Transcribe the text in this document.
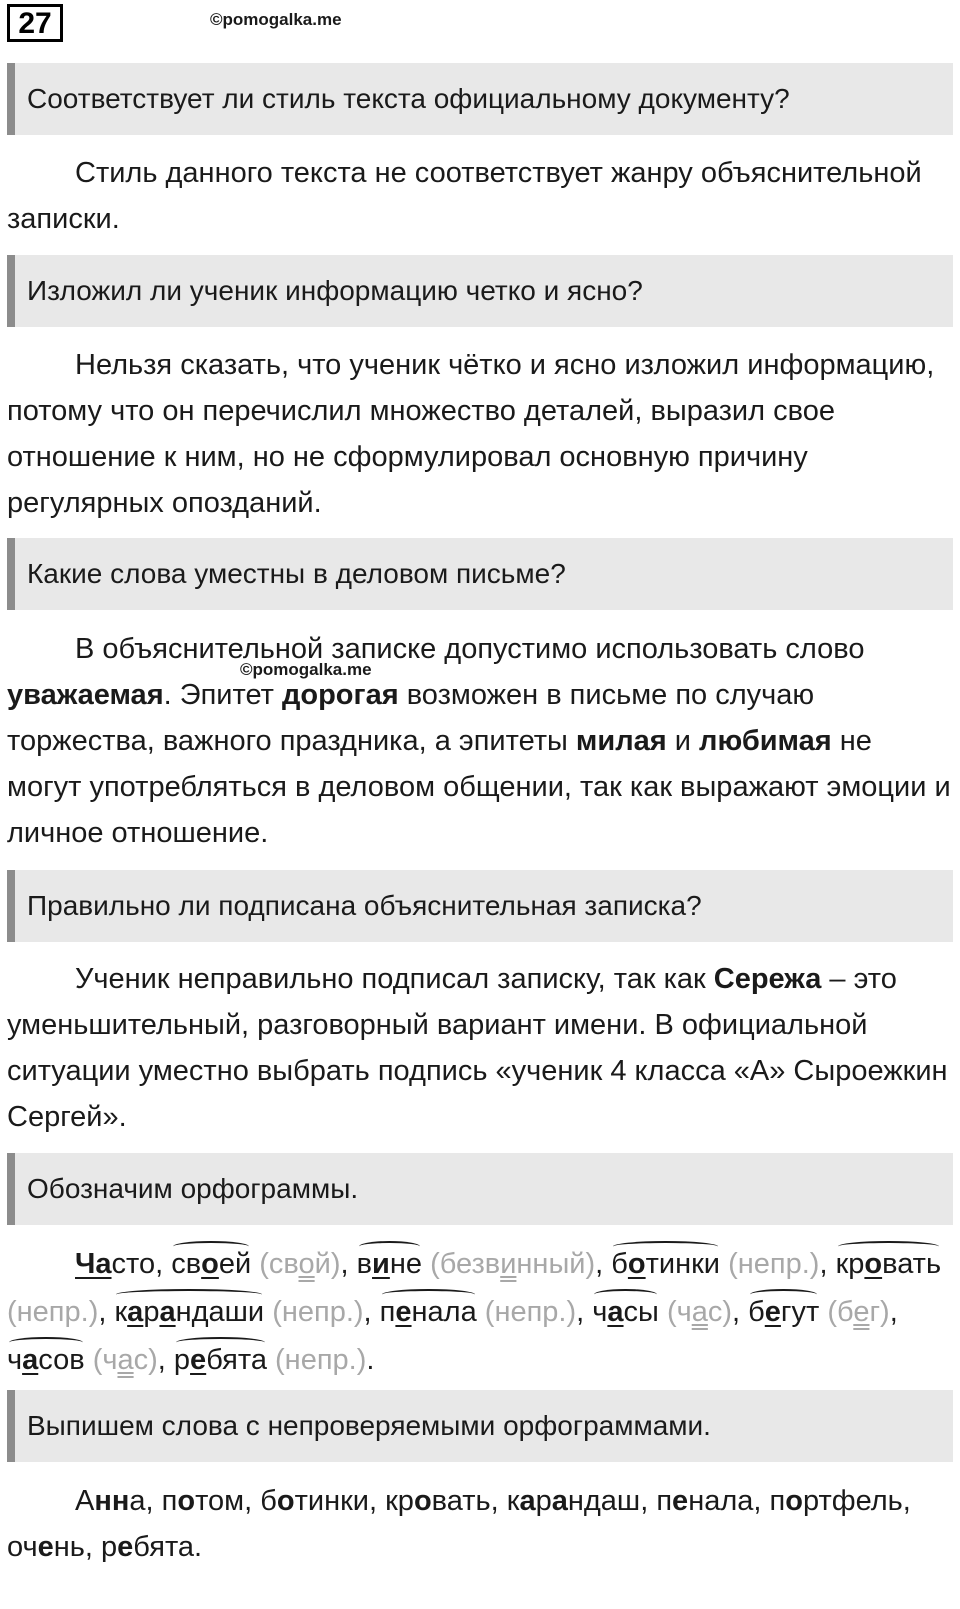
27	©pomogalka.me
Соответствует ли стиль текста официальному документу?

Стиль данного текста не соответствует жанру объяснительной записки.

Изложил ли ученик информацию четко и ясно?

Нельзя сказать, что ученик чётко и ясно изложил информацию, потому что он перечислил множество деталей, выразил свое отношение к ним, но не сформулировал основную причину регулярных опозданий.

Какие слова уместны в деловом письме?

В объяснительной записке допустимо использовать слово уважаемая. Эпитет дорогая возможен в письме по случаю торжества, важного праздника, а эпитеты милая и любимая не могут употребляться в деловом общении, так как выражают эмоции и личное отношение.

©pomogalka.me
Правильно ли подписана объяснительная записка?

Ученик неправильно подписал записку, так как Сережа – это уменьшительный, разговорный вариант имени. В официальной ситуации уместно выбрать подпись «ученик 4 класса «А» Сыроежкин Сергей».

Обозначим орфограммы.

Часто,
своей (свой),
вине (безвинный),
ботинки (непр.),
кровать (непр.),
карандаши (непр.),
пенала (непр.),
часы (час),
бегут (бег),
часов (час),
ребята (непр.).

Выпишем слова с непроверяемыми орфограммами.

Анна, потом, ботинки, кровать, карандаш, пенала, портфель, очень, ребята.
